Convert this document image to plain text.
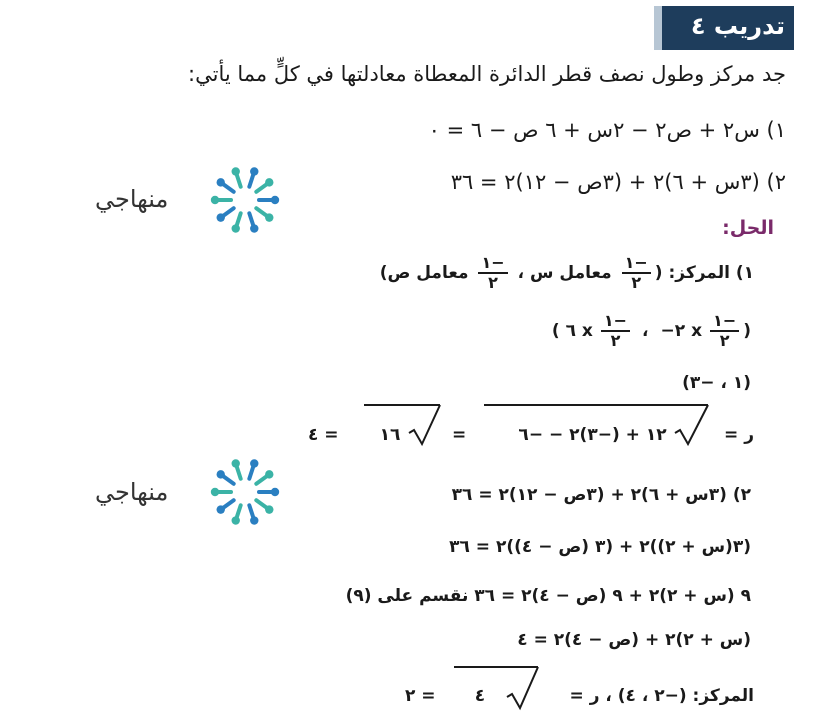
تدريب ٤
جد مركز وطول نصف قطر الدائرة المعطاة معادلتها في كلٍّ مما يأتي:
١) س٢ + ص٢ − ٢س + ٦ ص − ٦ = ٠
٢) (٣س + ٦)٢ + (٣ص − ١٢)٢ = ٣٦
منهاجي
الحل:
١) المركز: (
$\frac{-١}{٢}$
معامل س ،
$\frac{-١}{٢}$
معامل ص)
(
$\frac{-١}{٢}$
x ٢−
،
$\frac{-١}{٢}$
x ٦ )
(١ ، −٣)
ر =
١٢ + (−٣)٢ − −٦
=
١٦
= ٤
منهاجي	٢) (٣س + ٦)٢ + (٣ص − ١٢)٢ = ٣٦
(٣(س + ٢))٢ + (٣ (ص − ٤))٢ = ٣٦
٩ (س + ٢)٢ + ٩ (ص − ٤)٢ = ٣٦ نقسم على (٩)
(س + ٢)٢ + (ص − ٤)٢ = ٤
المركز: (−٢ ، ٤) ، ر =
٤
= ٢
